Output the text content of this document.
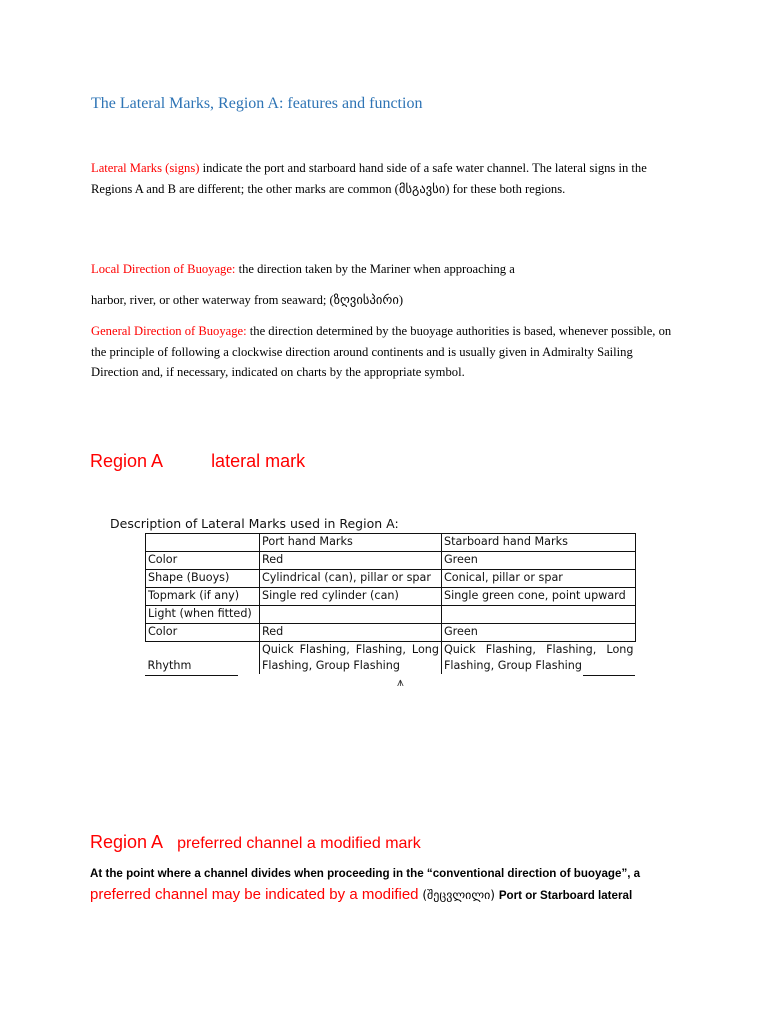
The Lateral Marks, Region A: features and function

Lateral Marks (signs) indicate the port and starboard hand side of a safe water channel. The lateral signs in the Regions A and B are different; the other marks are common (მსგავსი) for these both regions.

Local Direction of Buoyage: the direction taken by the Mariner when approaching a

harbor, river, or other waterway from seaward; (ზღვისპირი)

General Direction of Buoyage: the direction determined by the buoyage authorities is based, whenever possible, on the principle of following a clockwise direction around continents and is usually given in Admiralty Sailing Direction and, if necessary, indicated on charts by the appropriate symbol.

Region A	lateral mark
Description of Lateral Marks used in Region A:
	Port hand Marks	Starboard hand Marks
Color	Red	Green
Shape (Buoys)	Cylindrical (can), pillar or spar	Conical, pillar or spar
Topmark (if any)	Single red cylinder (can)	Single green cone, point upward
Light (when fitted)		
Color	Red	Green
Rhythm	Quick Flashing, Flashing, Long Flashing, Group Flashing	Quick Flashing, Flashing, Long Flashing, Group Flashing
⩚
Region A preferred channel a modified mark

At the point where a channel divides when proceeding in the “conventional direction of buoyage”, a

preferred channel may be indicated by a modified (შეცვლილი) Port or Starboard lateral
